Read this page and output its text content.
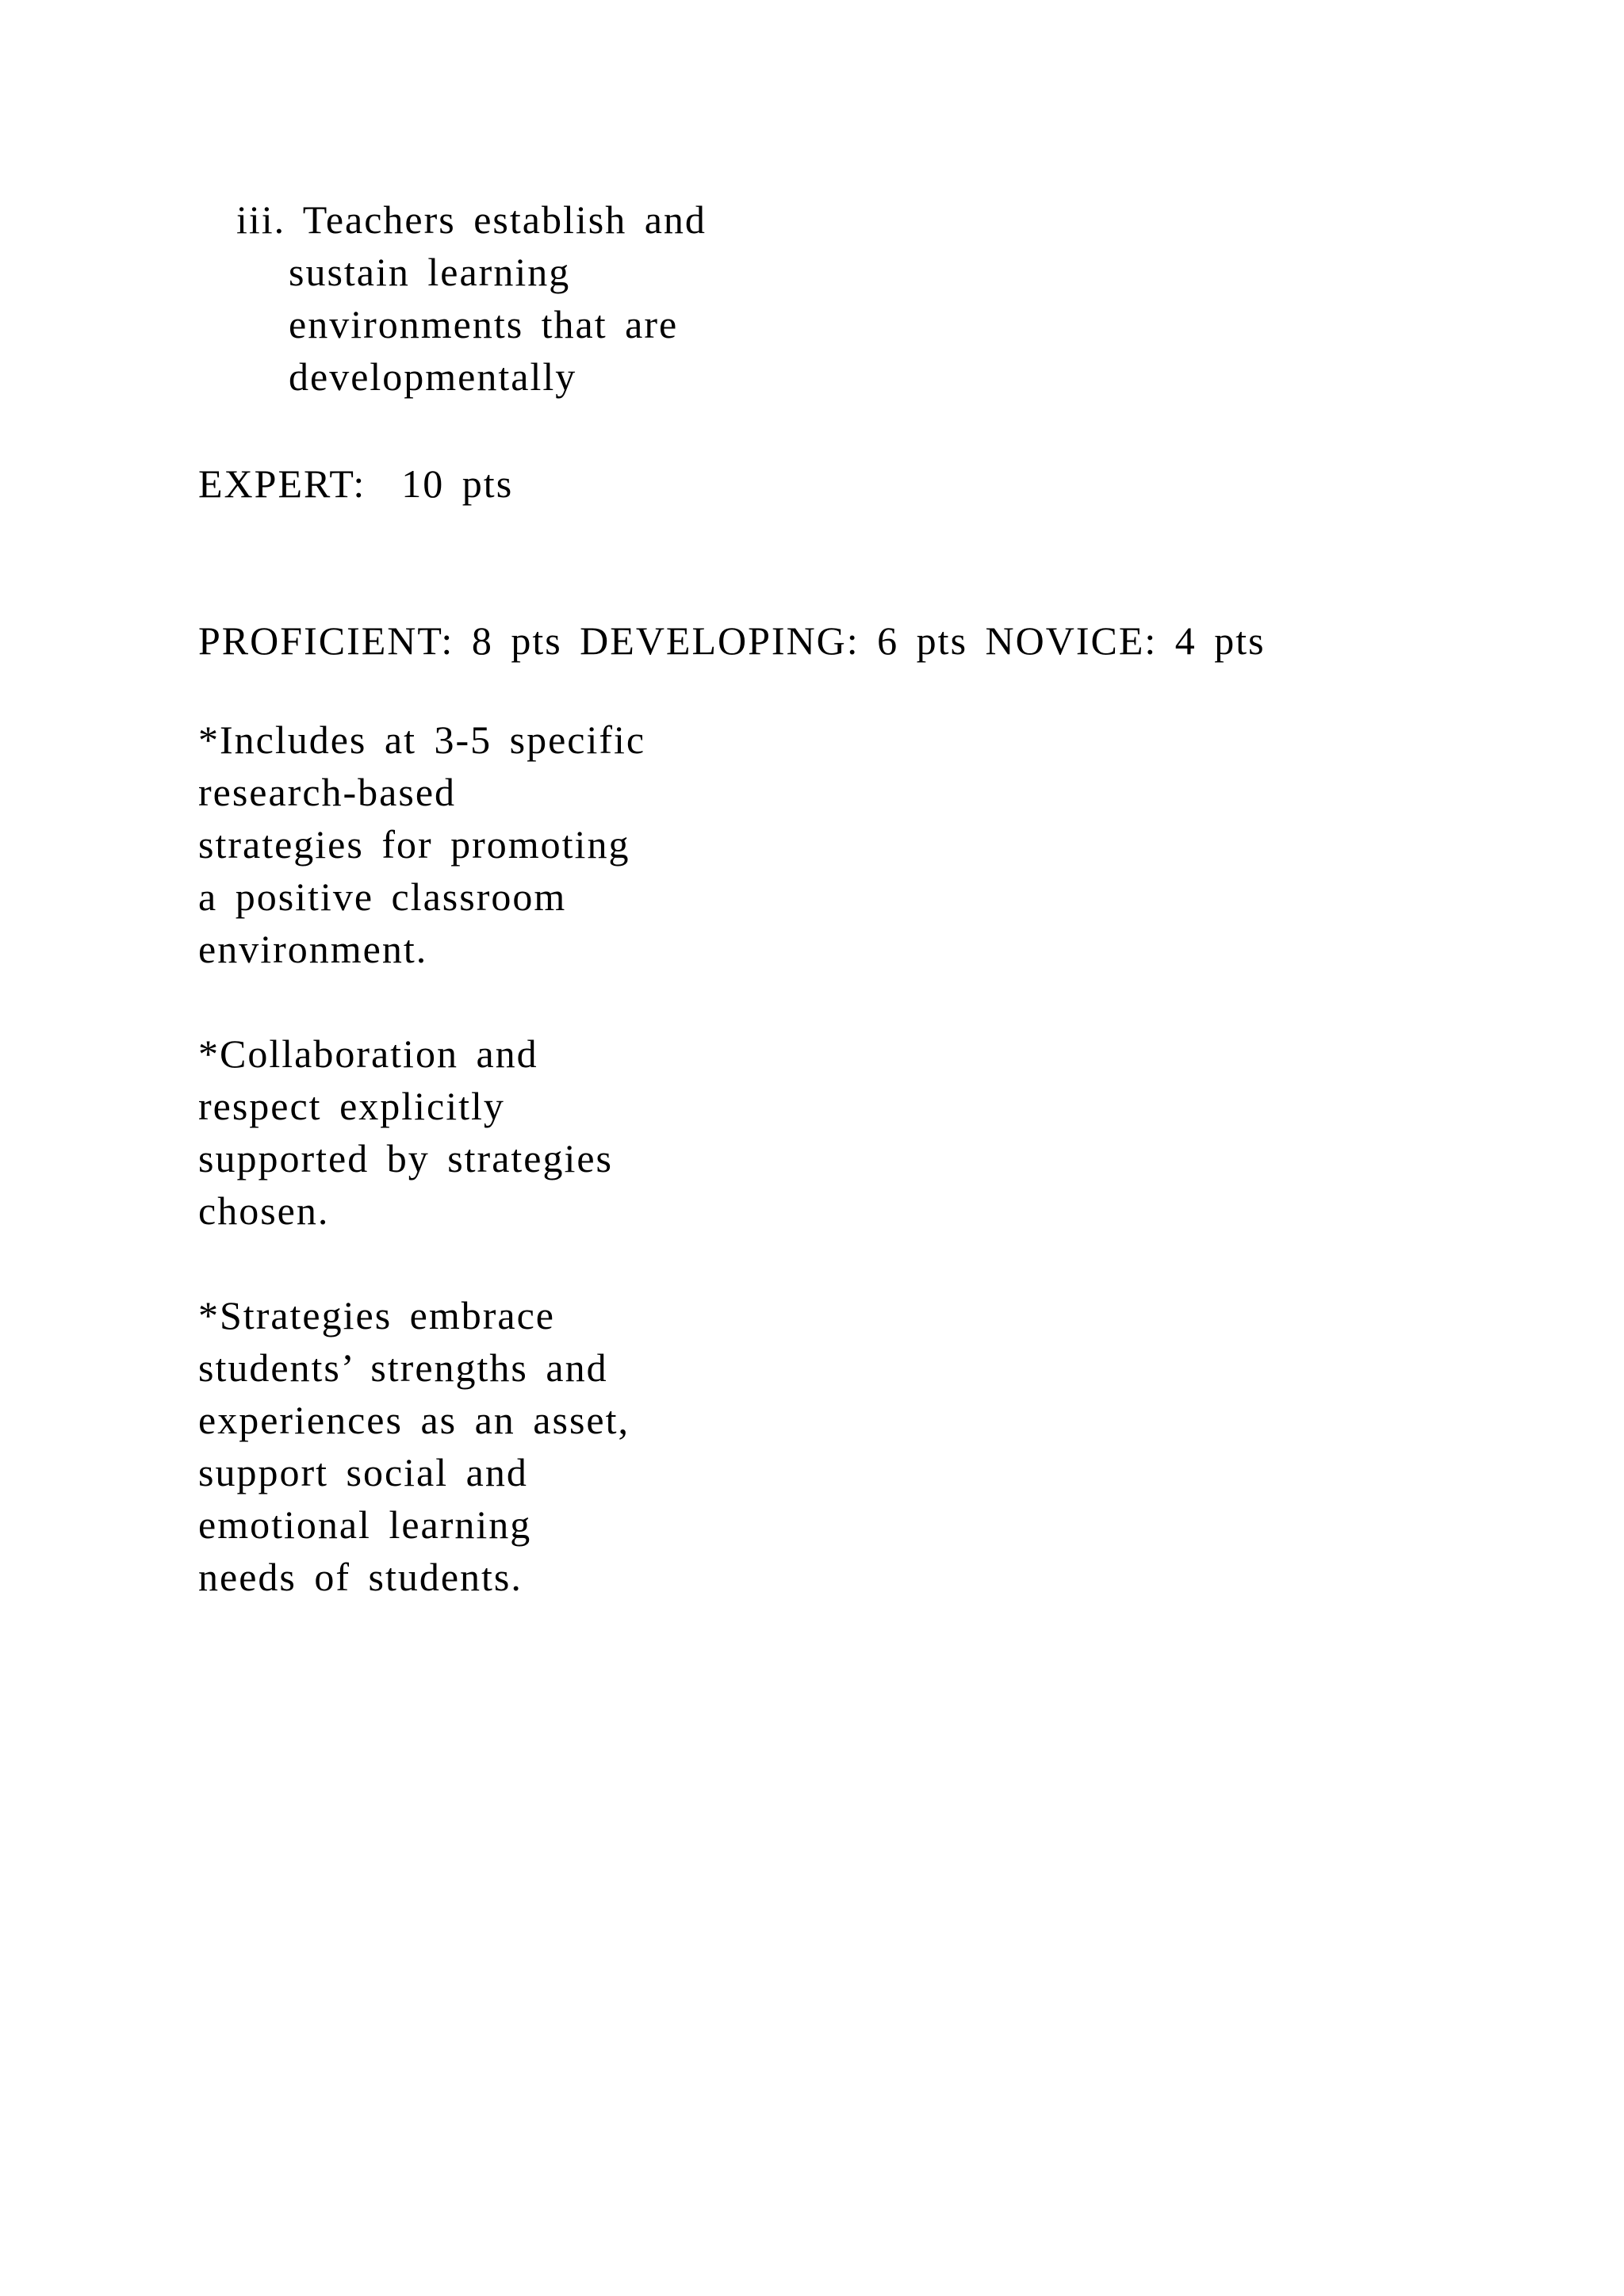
iii. Teachers establish and
sustain learning
environments that are
developmentally

EXPERT: 10 pts

PROFICIENT: 8 pts DEVELOPING: 6 pts NOVICE: 4 pts

*Includes at 3-5 specific
research-based
strategies for promoting
a positive classroom
environment.

*Collaboration and
respect explicitly
supported by strategies
chosen.

*Strategies embrace
students’ strengths and
experiences as an asset,
support social and
emotional learning
needs of students.
